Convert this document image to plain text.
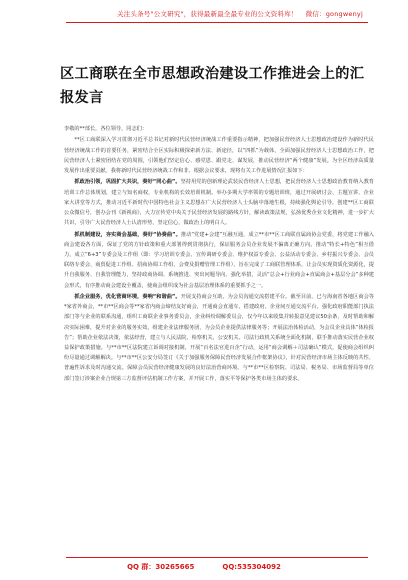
关注头条号"公文研究"，获得最新最全最专业的公文资料库！ 微信：gongwenyj
区工商联在全市思想政治建设工作推进会上的汇报发言

李敬的**部长，各位领导，同志们：

**区工商联深入学习贯彻习近平总书记对新时代民营经济统战工作重要指示精神，把加强民营经济人士思想政治建设作为新时代民营经济统战工作的首要任务，紧密结合全区实际积极探索新方法、新途径，以“四抓”为载体，全面加强民营经济人士思想政治工作，把民营经济人士紧密团结在党的周围，引领他们坚定信心、感党恩、跟党走、谋发展，推动民营经济“两个健康”发展。为全区经济高质量发展作出重要贡献。我将新时代民营经济统战工作和非、根据会议要求，现将有关工作进展情况汇报如下：

抓政治引领，巩固扩大共识，奏好“同心曲”。坚持用党的创新理论武装民营经济人士思想，把民营经济人士思想政治教育纳入教育培训工作总体规划，建立与知名商权，专业机构的长效培训机制。举办多期大学率领的专题培训班，通过开展研讨会、主题宣讲、企业家大讲堂等方式，推动习近平新时代中国特色社会主义思想在广大民营经济人士头脑中落地生根，持续强化舆论引导。创建**区工商联公众微信号，创办会刊《新视商》，大力宣传党中央关于民营经济发展的路线方针，解读政策法规，弘扬优秀企业文化精神，进一步扩大共识，引导广大民营经济人士认清形势，坚定信心，做政治上的明白人。

抓机制建设，夯实商会基础，奏好“协奏曲”。推动“党建+会建”互融互通，成立**市**区工商联直属商协会党委，将党建工作融入商会建设各方面，保证了党的方针政策和重大部署得到贯彻执行，保证服务会员企业发展不偏离正确方向。推动“特长+特色”相互借力，成立“6+3”专委会及工作组（即：学习培训专委会、宣传调研专委会、维护权益专委会、公益活动专委会、乡村振兴专委会、会员联络专委会、商贸促进工作组、招商协调工作组、会费及捐赠管理工作组），旨在完成了工商联管理体系，让会员实现资质化资源化，提升自我服务、自我管理能力，坚持政商协调、系统推进、突出问题导向、强化举措，灵活“总会+行业商会+直属商会+基层分会”多种建会形式，有序推动商会建设全覆盖，使商会组织成为社会基层治理体系的重要抓手之一。

抓企业服务，优化营商环境，奏响“和谐曲”。开展支持商会互助，为会员沟通交流搭建平台。截至目前，已与海南省各地区商会等*家省外商会，**市**区商会等**家省内商会缔结友好商会，开通商会直通车，搭建政府、企业间互通交流平台，强化政府职能部门执法部门等与企业的联系沟通，组织工商联企业事务委员会，企业纠纷调解委员会，仅今年以来收集并转报意见建议50余条，及时帮助和解决实际困难，提升对企业的服务实效。组建企业法律服务团，为会员企业提供法律服务等；开展法治体检活动，为会员企业具体“体检报告”；帮助企业依法决策，依法经营，建立与人民法院、检察机关、公安机关、司法行政机关系统全面化机制，联手推动落实民营企业权益保护政策措施。与**市**区法院建立诉调对接机制，开展“百名法官进百企”行动，运用“商会调解＋司法确认”模式，促使商会组织纠纷尽量通过调解解决。与**市**区公安分局签订《关于加强服务保障民营经济发展合作框架协议》，针对民营经济市场主体反映的共性、普遍性诉求及时沟通交流。保障会员民营经济健康发展的良好法治营商环境。与**市**区检察院、司法局、税务局、市场监督局等单位部门签订涉案企业合规第三方监督评估机制工作方案，并开展工作，落实平等保护各类市场主体的要求。

QQ 群：30265665	QQ:535304092
